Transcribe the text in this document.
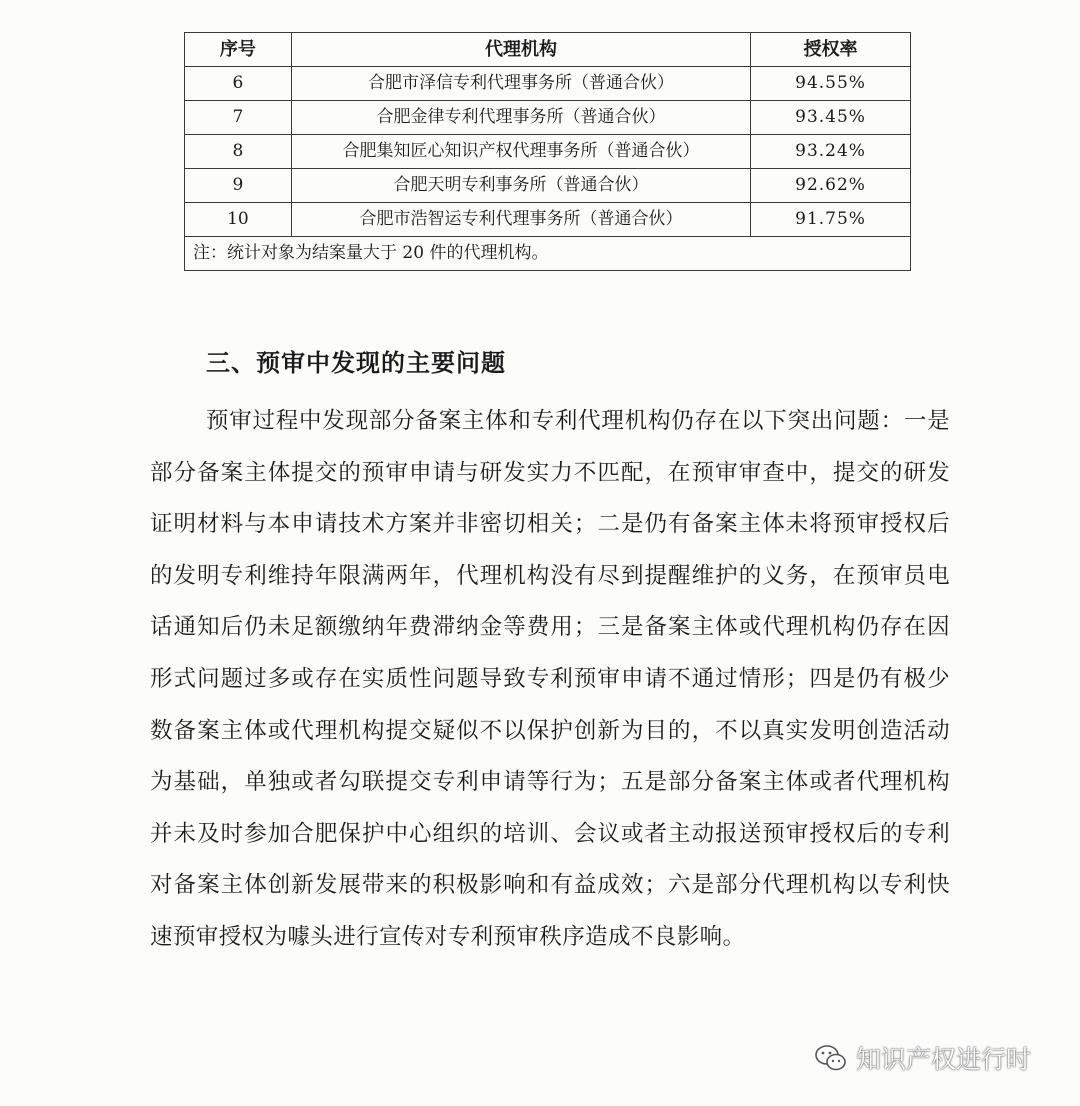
序号	代理机构	授权率
6	合肥市泽信专利代理事务所（普通合伙）	94.55%
7	合肥金律专利代理事务所（普通合伙）	93.45%
8	合肥集知匠心知识产权代理事务所（普通合伙）	93.24%
9	合肥天明专利事务所（普通合伙）	92.62%
10	合肥市浩智运专利代理事务所（普通合伙）	91.75%
注：统计对象为结案量大于 20 件的代理机构。		
三、预审中发现的主要问题

预审过程中发现部分备案主体和专利代理机构仍存在以下突出问题：一是部分备案主体提交的预审申请与研发实力不匹配，在预审审查中，提交的研发证明材料与本申请技术方案并非密切相关；二是仍有备案主体未将预审授权后的发明专利维持年限满两年，代理机构没有尽到提醒维护的义务，在预审员电话通知后仍未足额缴纳年费滞纳金等费用；三是备案主体或代理机构仍存在因形式问题过多或存在实质性问题导致专利预审申请不通过情形；四是仍有极少数备案主体或代理机构提交疑似不以保护创新为目的，不以真实发明创造活动为基础，单独或者勾联提交专利申请等行为；五是部分备案主体或者代理机构并未及时参加合肥保护中心组织的培训、会议或者主动报送预审授权后的专利对备案主体创新发展带来的积极影响和有益成效；六是部分代理机构以专利快速预审授权为噱头进行宣传对专利预审秩序造成不良影响。

知识产权进行时
